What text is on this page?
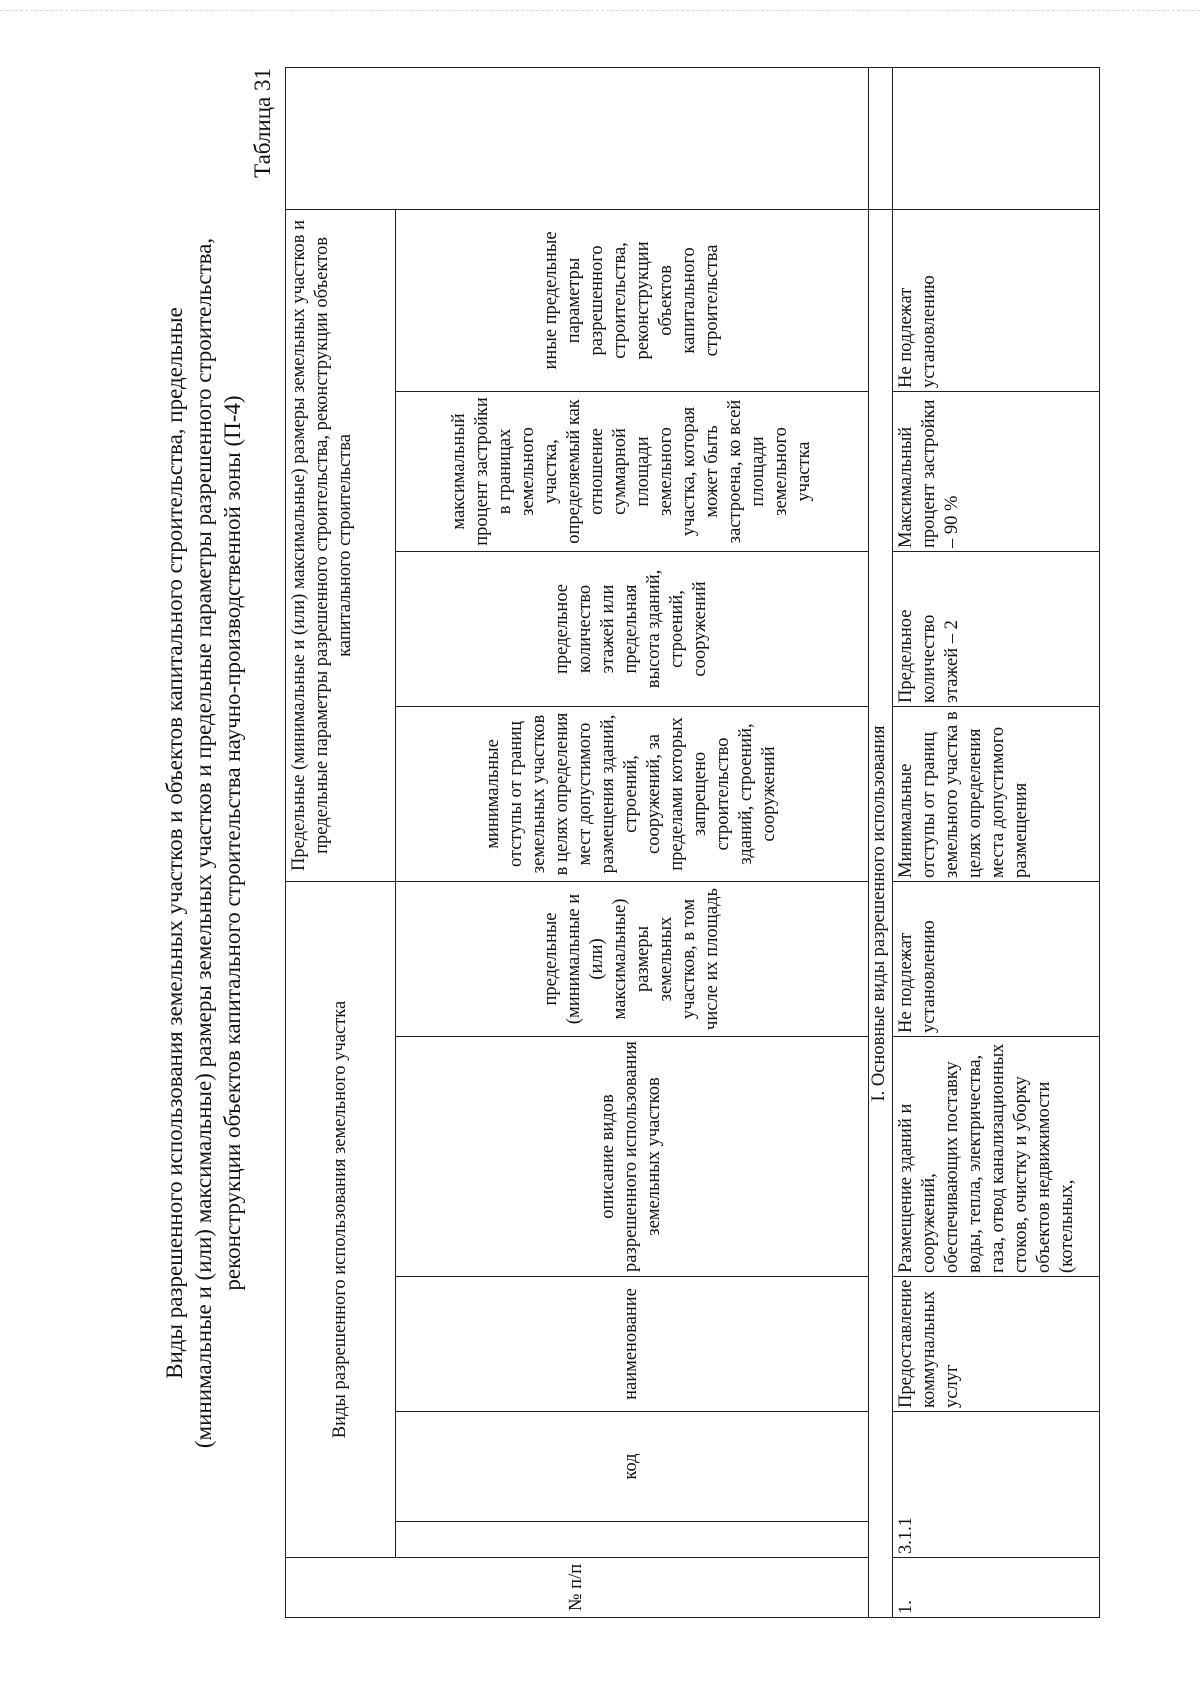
Виды разрешенного использования земельных участков и объектов капитального строительства, предельные (минимальные и (или) максимальные) размеры земельных участков и предельные параметры разрешенного строительства, реконструкции объектов капитального строительства научно-производственной зоны (П-4)
Таблица 31
№ п/п	Виды разрешенного использования земельного участка					Предельные (минимальные и (или) максимальные) размеры земельных участков и предельные параметры разрешенного строительства, реконструкции объектов капитального строительства				
		код	наименование	описание видов разрешенного использования земельных участков	предельные (минимальные и (или) максимальные) размеры земельных участков, в том числе их площадь	минимальные отступы от границ земельных участков в целях определения мест допустимого размещения зданий, строений, сооружений, за пределами которых запрещено строительство зданий, строений, сооружений	предельное количество этажей или предельная высота зданий, строений, сооружений	максимальный процент застройки в границах земельного участка, определяемый как отношение суммарной площади земельного участка, которая может быть застроена, ко всей площади земельного участка	иные предельные параметры разрешенного строительства, реконструкции объектов капитального строительства	
I. Основные виды разрешенного использования										
1.	3.1.1		Предоставление коммунальных услуг	Размещение зданий и сооружений, обеспечивающих поставку воды, тепла, электричества, газа, отвод канализационных стоков, очистку и уборку объектов недвижимости (котельных,	Не подлежат установлению	Минимальные отступы от границ земельного участка в целях определения места допустимого размещения	Предельное количество этажей – 2	Максимальный процент застройки – 90 %	Не подлежат установлению	
